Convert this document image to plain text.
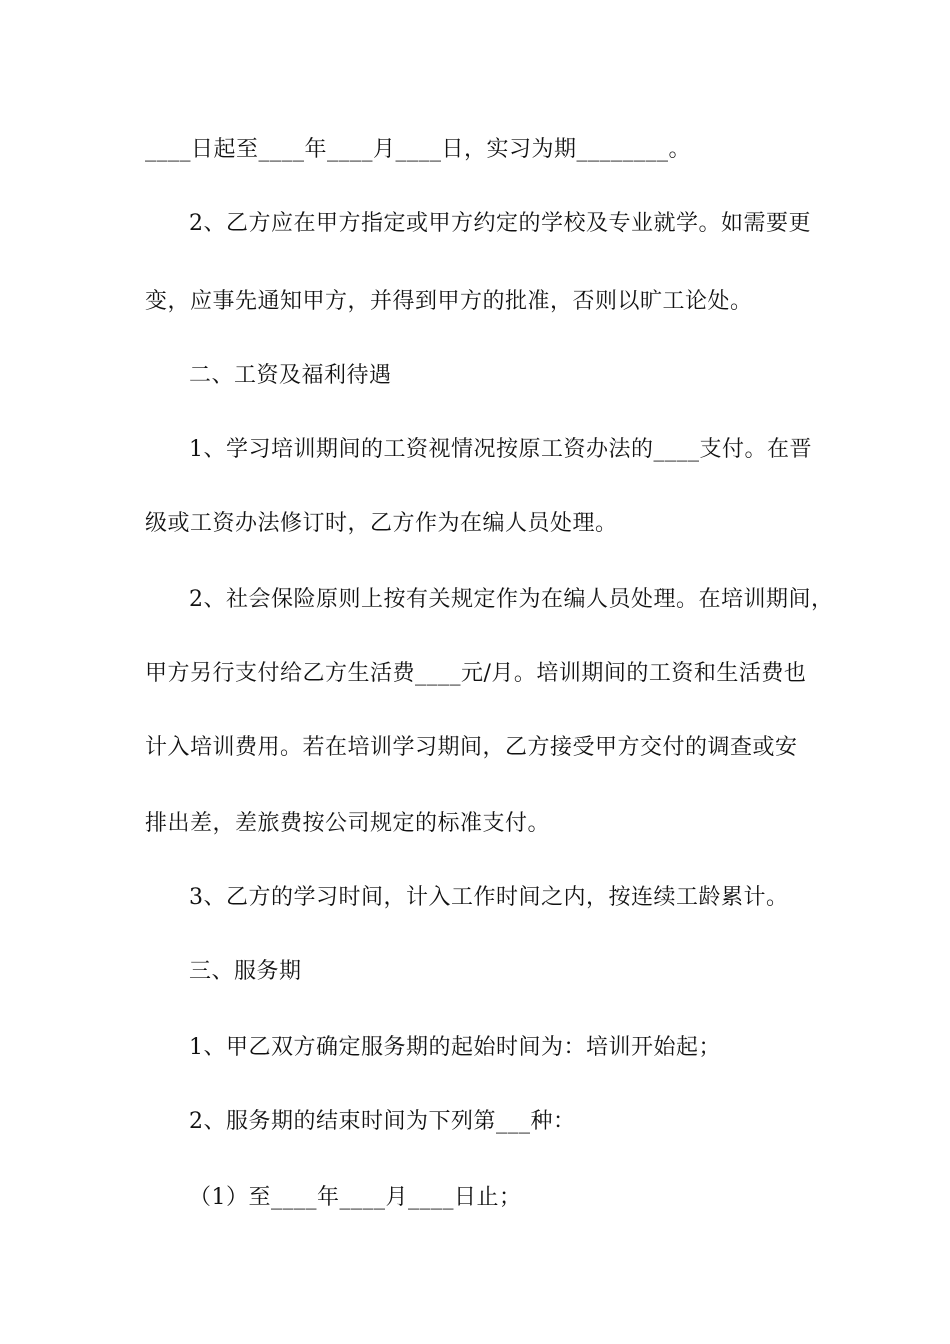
____日起至____年____月____日，实习为期________。
2、乙方应在甲方指定或甲方约定的学校及专业就学。如需要更
变，应事先通知甲方，并得到甲方的批准，否则以旷工论处。
二、工资及福利待遇
1、学习培训期间的工资视情况按原工资办法的____支付。在晋
级或工资办法修订时，乙方作为在编人员处理。
2、社会保险原则上按有关规定作为在编人员处理。在培训期间，
甲方另行支付给乙方生活费____元/月。培训期间的工资和生活费也
计入培训费用。若在培训学习期间，乙方接受甲方交付的调查或安
排出差，差旅费按公司规定的标准支付。
3、乙方的学习时间，计入工作时间之内，按连续工龄累计。
三、服务期
1、甲乙双方确定服务期的起始时间为：培训开始起；
2、服务期的结束时间为下列第___种：
（1）至____年____月____日止；
